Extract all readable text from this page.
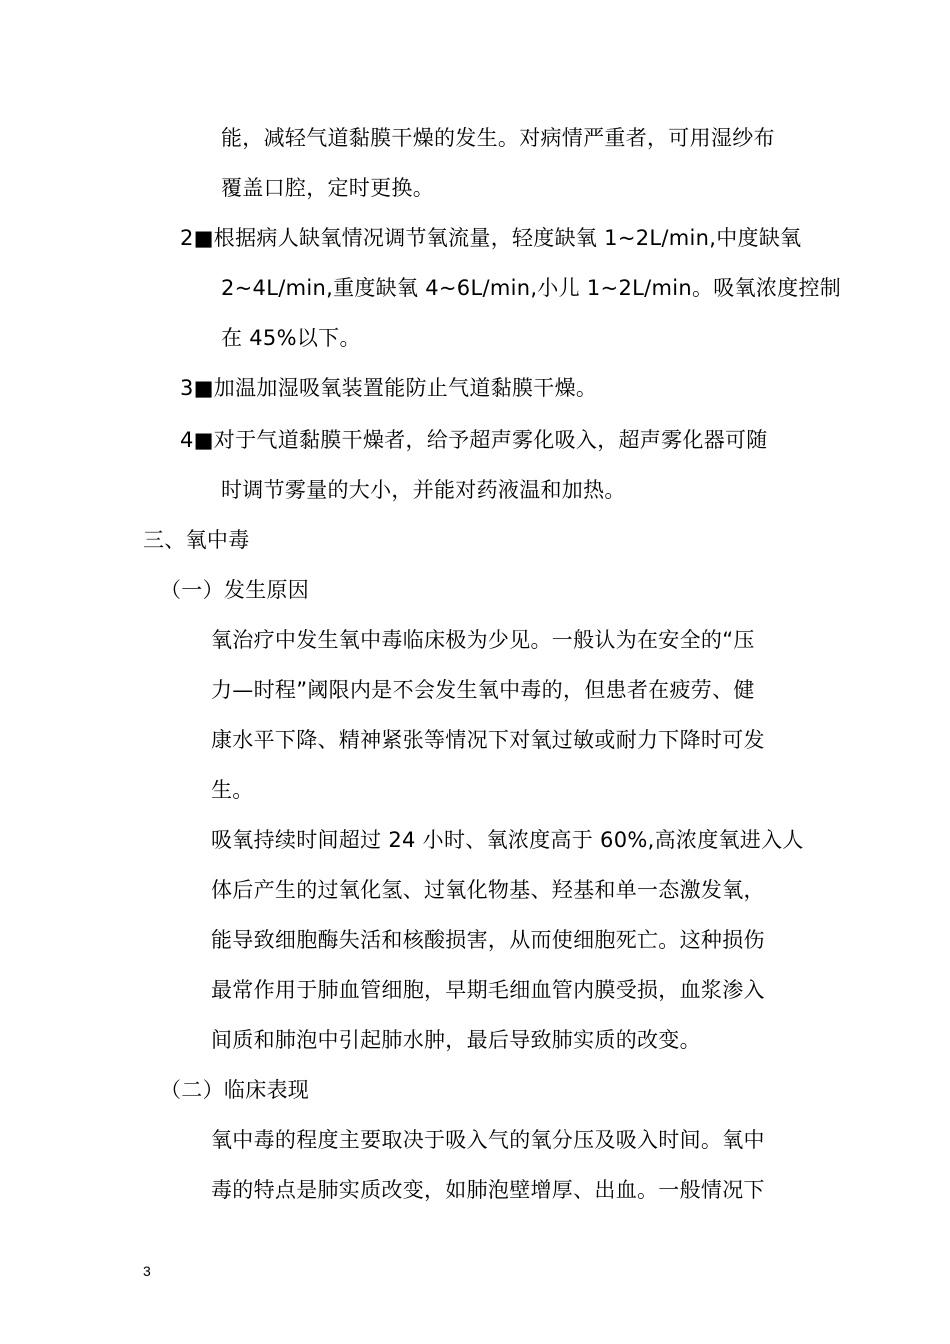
能，减轻气道黏膜干燥的发生。对病情严重者，可用湿纱布

覆盖口腔，定时更换。

2■根据病人缺氧情况调节氧流量，轻度缺氧 1~2L/min,中度缺氧

2~4L/min,重度缺氧 4~6L/min,小儿 1~2L/min。吸氧浓度控制

在 45%以下。

3■加温加湿吸氧装置能防止气道黏膜干燥。

4■对于气道黏膜干燥者，给予超声雾化吸入，超声雾化器可随

时调节雾量的大小，并能对药液温和加热。

三、氧中毒

（一）发生原因

氧治疗中发生氧中毒临床极为少见。一般认为在安全的“压

力—时程”阈限内是不会发生氧中毒的，但患者在疲劳、健

康水平下降、精神紧张等情况下对氧过敏或耐力下降时可发

生。

吸氧持续时间超过 24 小时、氧浓度高于 60%,高浓度氧进入人

体后产生的过氧化氢、过氧化物基、羟基和单一态激发氧，

能导致细胞酶失活和核酸损害，从而使细胞死亡。这种损伤

最常作用于肺血管细胞，早期毛细血管内膜受损，血浆渗入

间质和肺泡中引起肺水肿，最后导致肺实质的改变。

（二）临床表现

氧中毒的程度主要取决于吸入气的氧分压及吸入时间。氧中

毒的特点是肺实质改变，如肺泡壁增厚、出血。一般情况下

3
